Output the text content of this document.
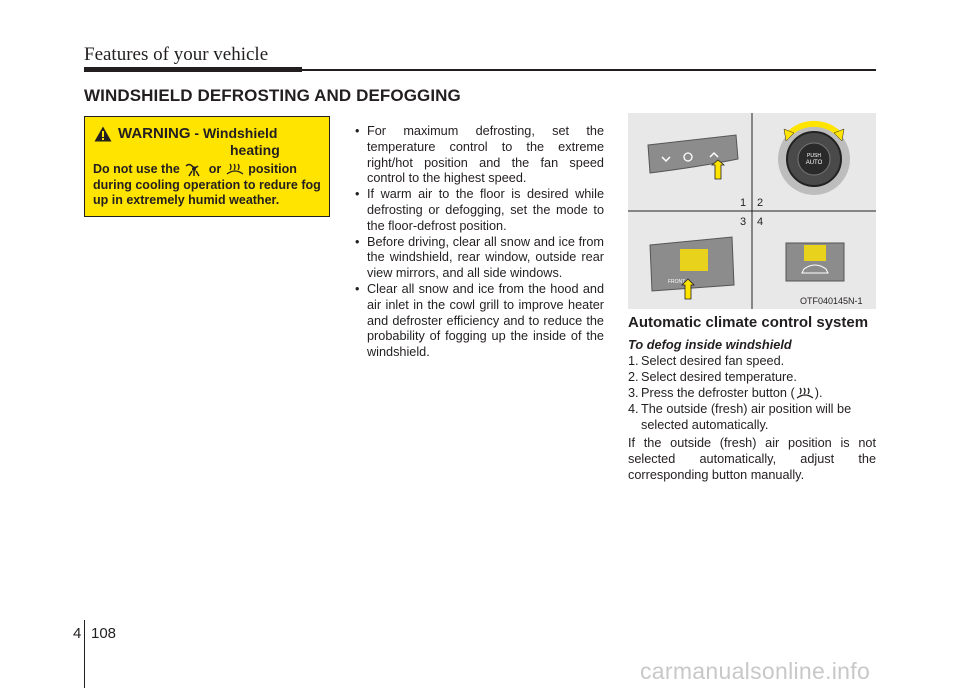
Features of your vehicle
WINDSHIELD DEFROSTING AND DEFOGGING
WARNING - Windshield
heating
Do not use the or position during cooling operation to redure fog up in extremely humid weather.
• For maximum defrosting, set the temperature control to the extreme right/hot position and the fan speed control to the highest speed.
• If warm air to the floor is desired while defrosting or defogging, set the mode to the floor-defrost position.
• Before driving, clear all snow and ice from the windshield, rear window, outside rear view mirrors, and all side windows.
• Clear all snow and ice from the hood and air inlet in the cowl grill to improve heater and defroster efficiency and to reduce the probability of fogging up the inside of the windshield.
PUSH
AUTO
FRONT
1 2
3 4
OTF040145N-1
Automatic climate control system
To defog inside windshield
1. Select desired fan speed.
2. Select desired temperature.
3. Press the defroster button ( ).
4. The outside (fresh) air position will be selected automatically.
If the outside (fresh) air position is not selected automatically, adjust the corresponding button manually.
4 108
carmanualsonline.info
